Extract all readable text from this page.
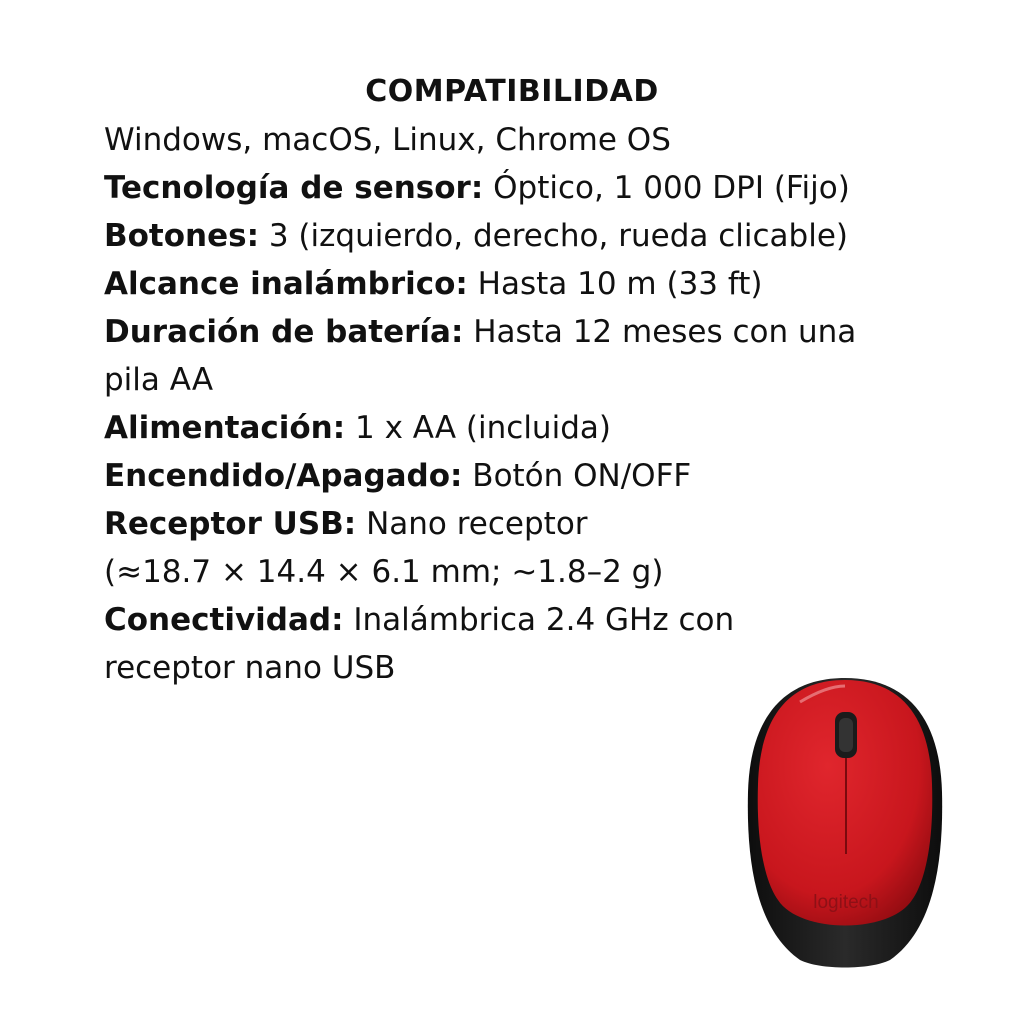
COMPATIBILIDAD
Windows, macOS, Linux, Chrome OS
Tecnología de sensor: Óptico, 1 000 DPI (Fijo)
Botones: 3 (izquierdo, derecho, rueda clicable)
Alcance inalámbrico: Hasta 10 m (33 ft)
Duración de batería: Hasta 12 meses con una
pila AA
Alimentación: 1 x AA (incluida)
Encendido/Apagado: Botón ON/OFF
Receptor USB: Nano receptor
(≈18.7 × 14.4 × 6.1 mm; ~1.8–2 g)
Conectividad: Inalámbrica 2.4 GHz con
receptor nano USB
logitech
